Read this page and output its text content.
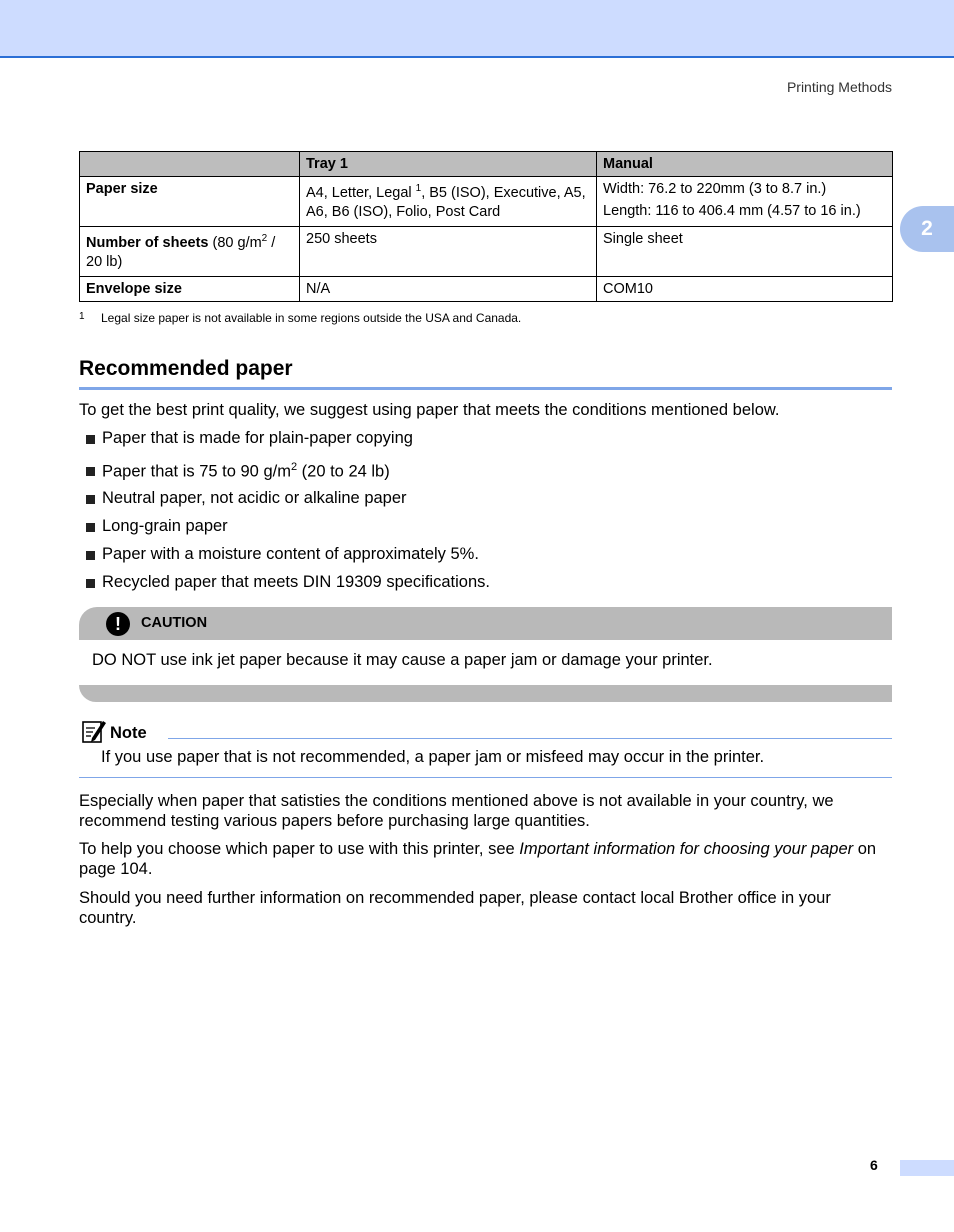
Printing Methods
2
	Tray 1	Manual
Paper size	A4, Letter, Legal $^1$, B5 (ISO), Executive, A5, A6, B6 (ISO), Folio, Post Card	Width: 76.2 to 220mm (3 to 8.7 in.)
Length: 116 to 406.4 mm (4.57 to 16 in.)

Number of sheets (80 $g/m^2 / 20$ lb)	250 sheets	Single sheet
Envelope size	N/A	COM10
1 Legal size paper is not available in some regions outside the USA and Canada.
Recommended paper
To get the best print quality, we suggest using paper that meets the conditions mentioned below.
Paper that is made for plain-paper copying
Paper that is 75 to 90 $g/m^2$ (20 to 24 lb)
Neutral paper, not acidic or alkaline paper
Long-grain paper
Paper with a moisture content of approximately 5%.
Recycled paper that meets DIN 19309 specifications.
!	CAUTION
DO NOT use ink jet paper because it may cause a paper jam or damage your printer.
Note
If you use paper that is not recommended, a paper jam or misfeed may occur in the printer.
Especially when paper that satisties the conditions mentioned above is not available in your country, we recommend testing various papers before purchasing large quantities.
To help you choose which paper to use with this printer, see Important information for choosing your paper on page 104.
Should you need further information on recommended paper, please contact local Brother office in your country.
6
